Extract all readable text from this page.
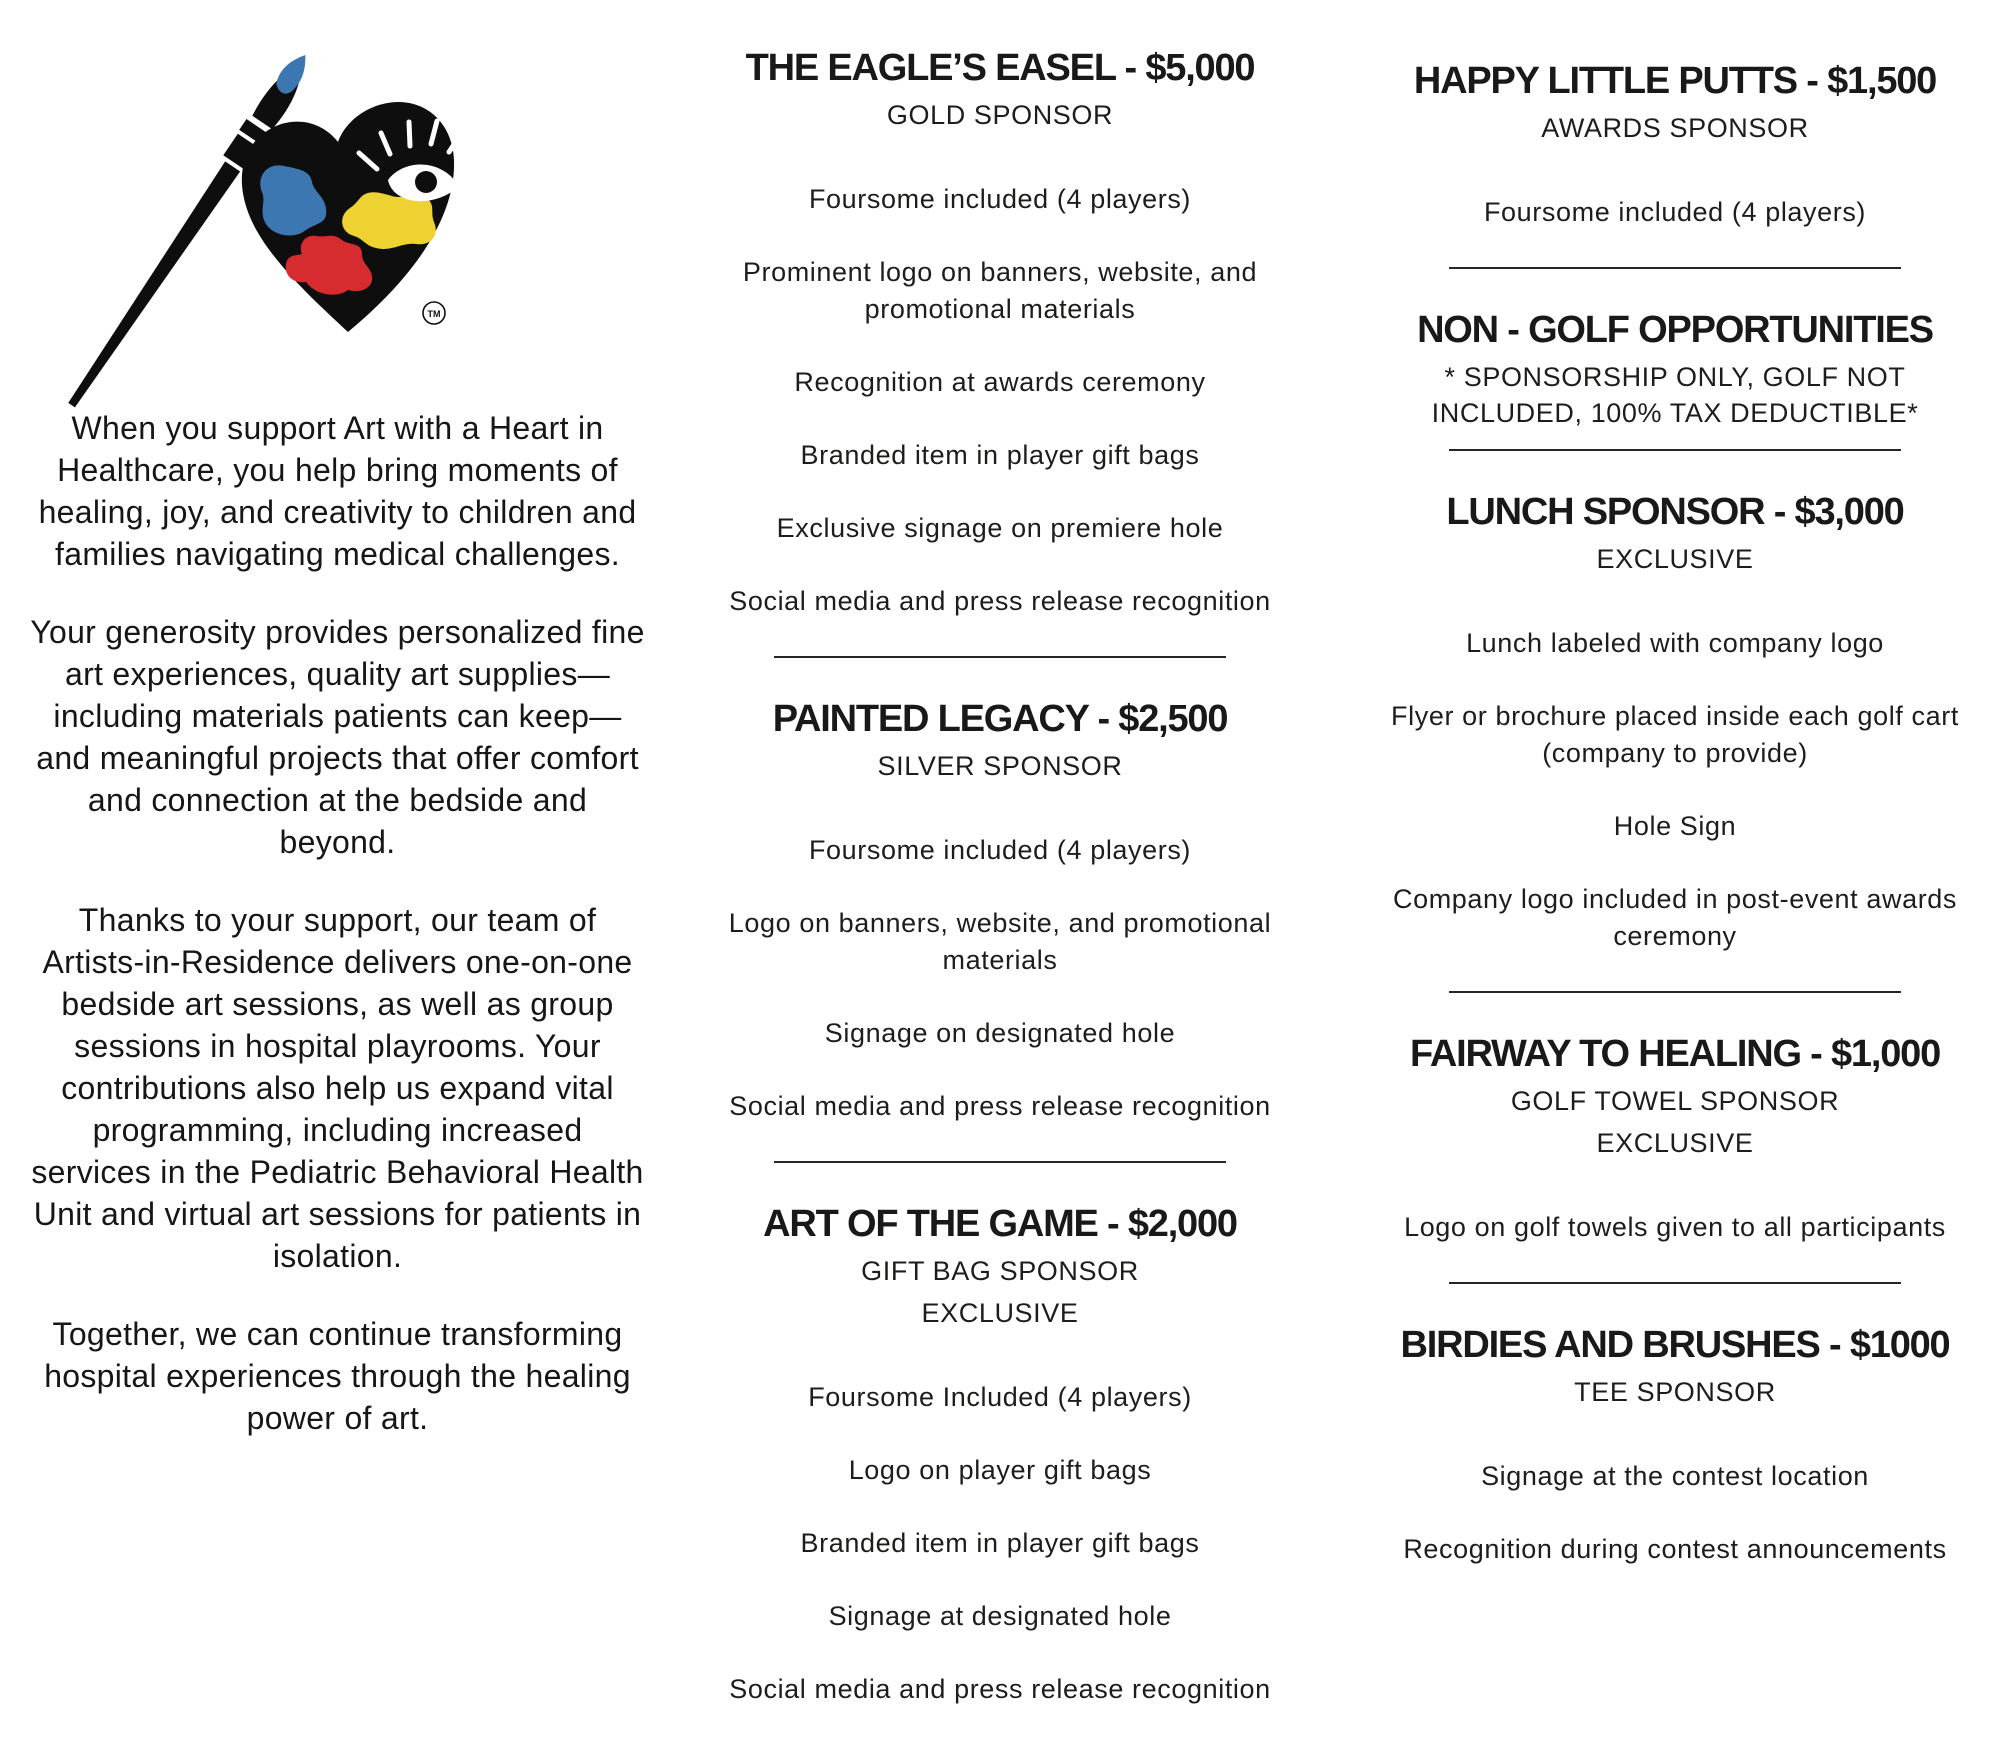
TM

When you support Art with a Heart in Healthcare, you help bring moments of healing, joy, and creativity to children and families navigating medical challenges.

Your generosity provides personalized fine art experiences, quality art supplies—including materials patients can keep—and meaningful projects that offer comfort and connection at the bedside and beyond.

Thanks to your support, our team of Artists-in-Residence delivers one-on-one bedside art sessions, as well as group sessions in hospital playrooms. Your contributions also help us expand vital programming, including increased services in the Pediatric Behavioral Health Unit and virtual art sessions for patients in isolation.

Together, we can continue transforming hospital experiences through the healing power of art.

THE EAGLE’S EASEL - $5,000
GOLD SPONSOR

Foursome included (4 players)

Prominent logo on banners, website, and promotional materials

Recognition at awards ceremony

Branded item in player gift bags

Exclusive signage on premiere hole

Social media and press release recognition

PAINTED LEGACY - $2,500
SILVER SPONSOR

Foursome included (4 players)

Logo on banners, website, and promotional materials

Signage on designated hole

Social media and press release recognition

ART OF THE GAME - $2,000
GIFT BAG SPONSOR
EXCLUSIVE

Foursome Included (4 players)

Logo on player gift bags

Branded item in player gift bags

Signage at designated hole

Social media and press release recognition

HAPPY LITTLE PUTTS - $1,500
AWARDS SPONSOR

Foursome included (4 players)

NON - GOLF OPPORTUNITIES
* SPONSORSHIP ONLY, GOLF NOT INCLUDED, 100% TAX DEDUCTIBLE*
LUNCH SPONSOR - $3,000
EXCLUSIVE

Lunch labeled with company logo

Flyer or brochure placed inside each golf cart (company to provide)

Hole Sign

Company logo included in post-event awards ceremony

FAIRWAY TO HEALING - $1,000
GOLF TOWEL SPONSOR
EXCLUSIVE

Logo on golf towels given to all participants

BIRDIES AND BRUSHES - $1000
TEE SPONSOR

Signage at the contest location

Recognition during contest announcements
